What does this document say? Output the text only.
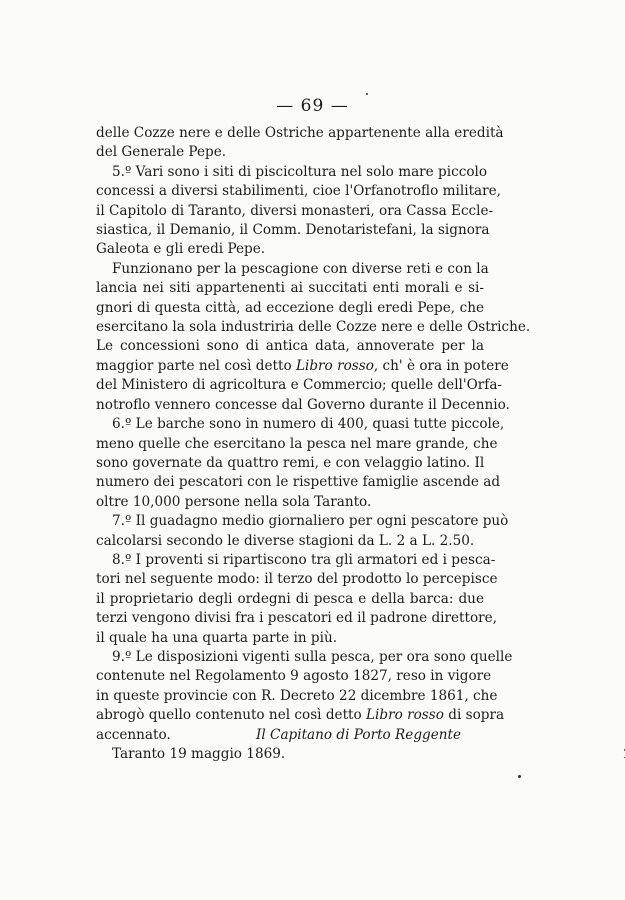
— 69 —
delle Cozze nere e delle Ostriche appartenente alla eredità
del Generale Pepe.
5.º Vari sono i siti di piscicoltura nel solo mare piccolo
concessi a diversi stabilimenti, cioe l'Orfanotroflo militare,
il Capitolo di Taranto, diversi monasteri, ora Cassa Eccle-
siastica, il Demanio, il Comm. Denotaristefani, la signora
Galeota e gli eredi Pepe.
Funzionano per la pescagione con diverse reti e con la
lancia nei siti appartenenti ai succitati enti morali e si-
gnori di questa città, ad eccezione degli eredi Pepe, che
esercitano la sola industriria delle Cozze nere e delle Ostriche.
Le concessioni sono di antica data, annoverate per la
maggior parte nel così detto Libro rosso, ch' è ora in potere
del Ministero di agricoltura e Commercio; quelle dell'Orfa-
notroflo vennero concesse dal Governo durante il Decennio.
6.º Le barche sono in numero di 400, quasi tutte piccole,
meno quelle che esercitano la pesca nel mare grande, che
sono governate da quattro remi, e con velaggio latino. Il
numero dei pescatori con le rispettive famiglie ascende ad
oltre 10,000 persone nella sola Taranto.
7.º Il guadagno medio giornaliero per ogni pescatore può
calcolarsi secondo le diverse stagioni da L. 2 a L. 2.50.
8.º I proventi si ripartiscono tra gli armatori ed i pesca-
tori nel seguente modo: il terzo del prodotto lo percepisce
il proprietario degli ordegni di pesca e della barca: due
terzi vengono divisi fra i pescatori ed il padrone direttore,
il quale ha una quarta parte in più.
9.º Le disposizioni vigenti sulla pesca, per ora sono quelle
contenute nel Regolamento 9 agosto 1827, reso in vigore
in queste provincie con R. Decreto 22 dicembre 1861, che
abrogò quello contenuto nel così detto Libro rosso di sopra
accennato.
Taranto 19 maggio 1869.
Il Capitano di Porto Reggente
